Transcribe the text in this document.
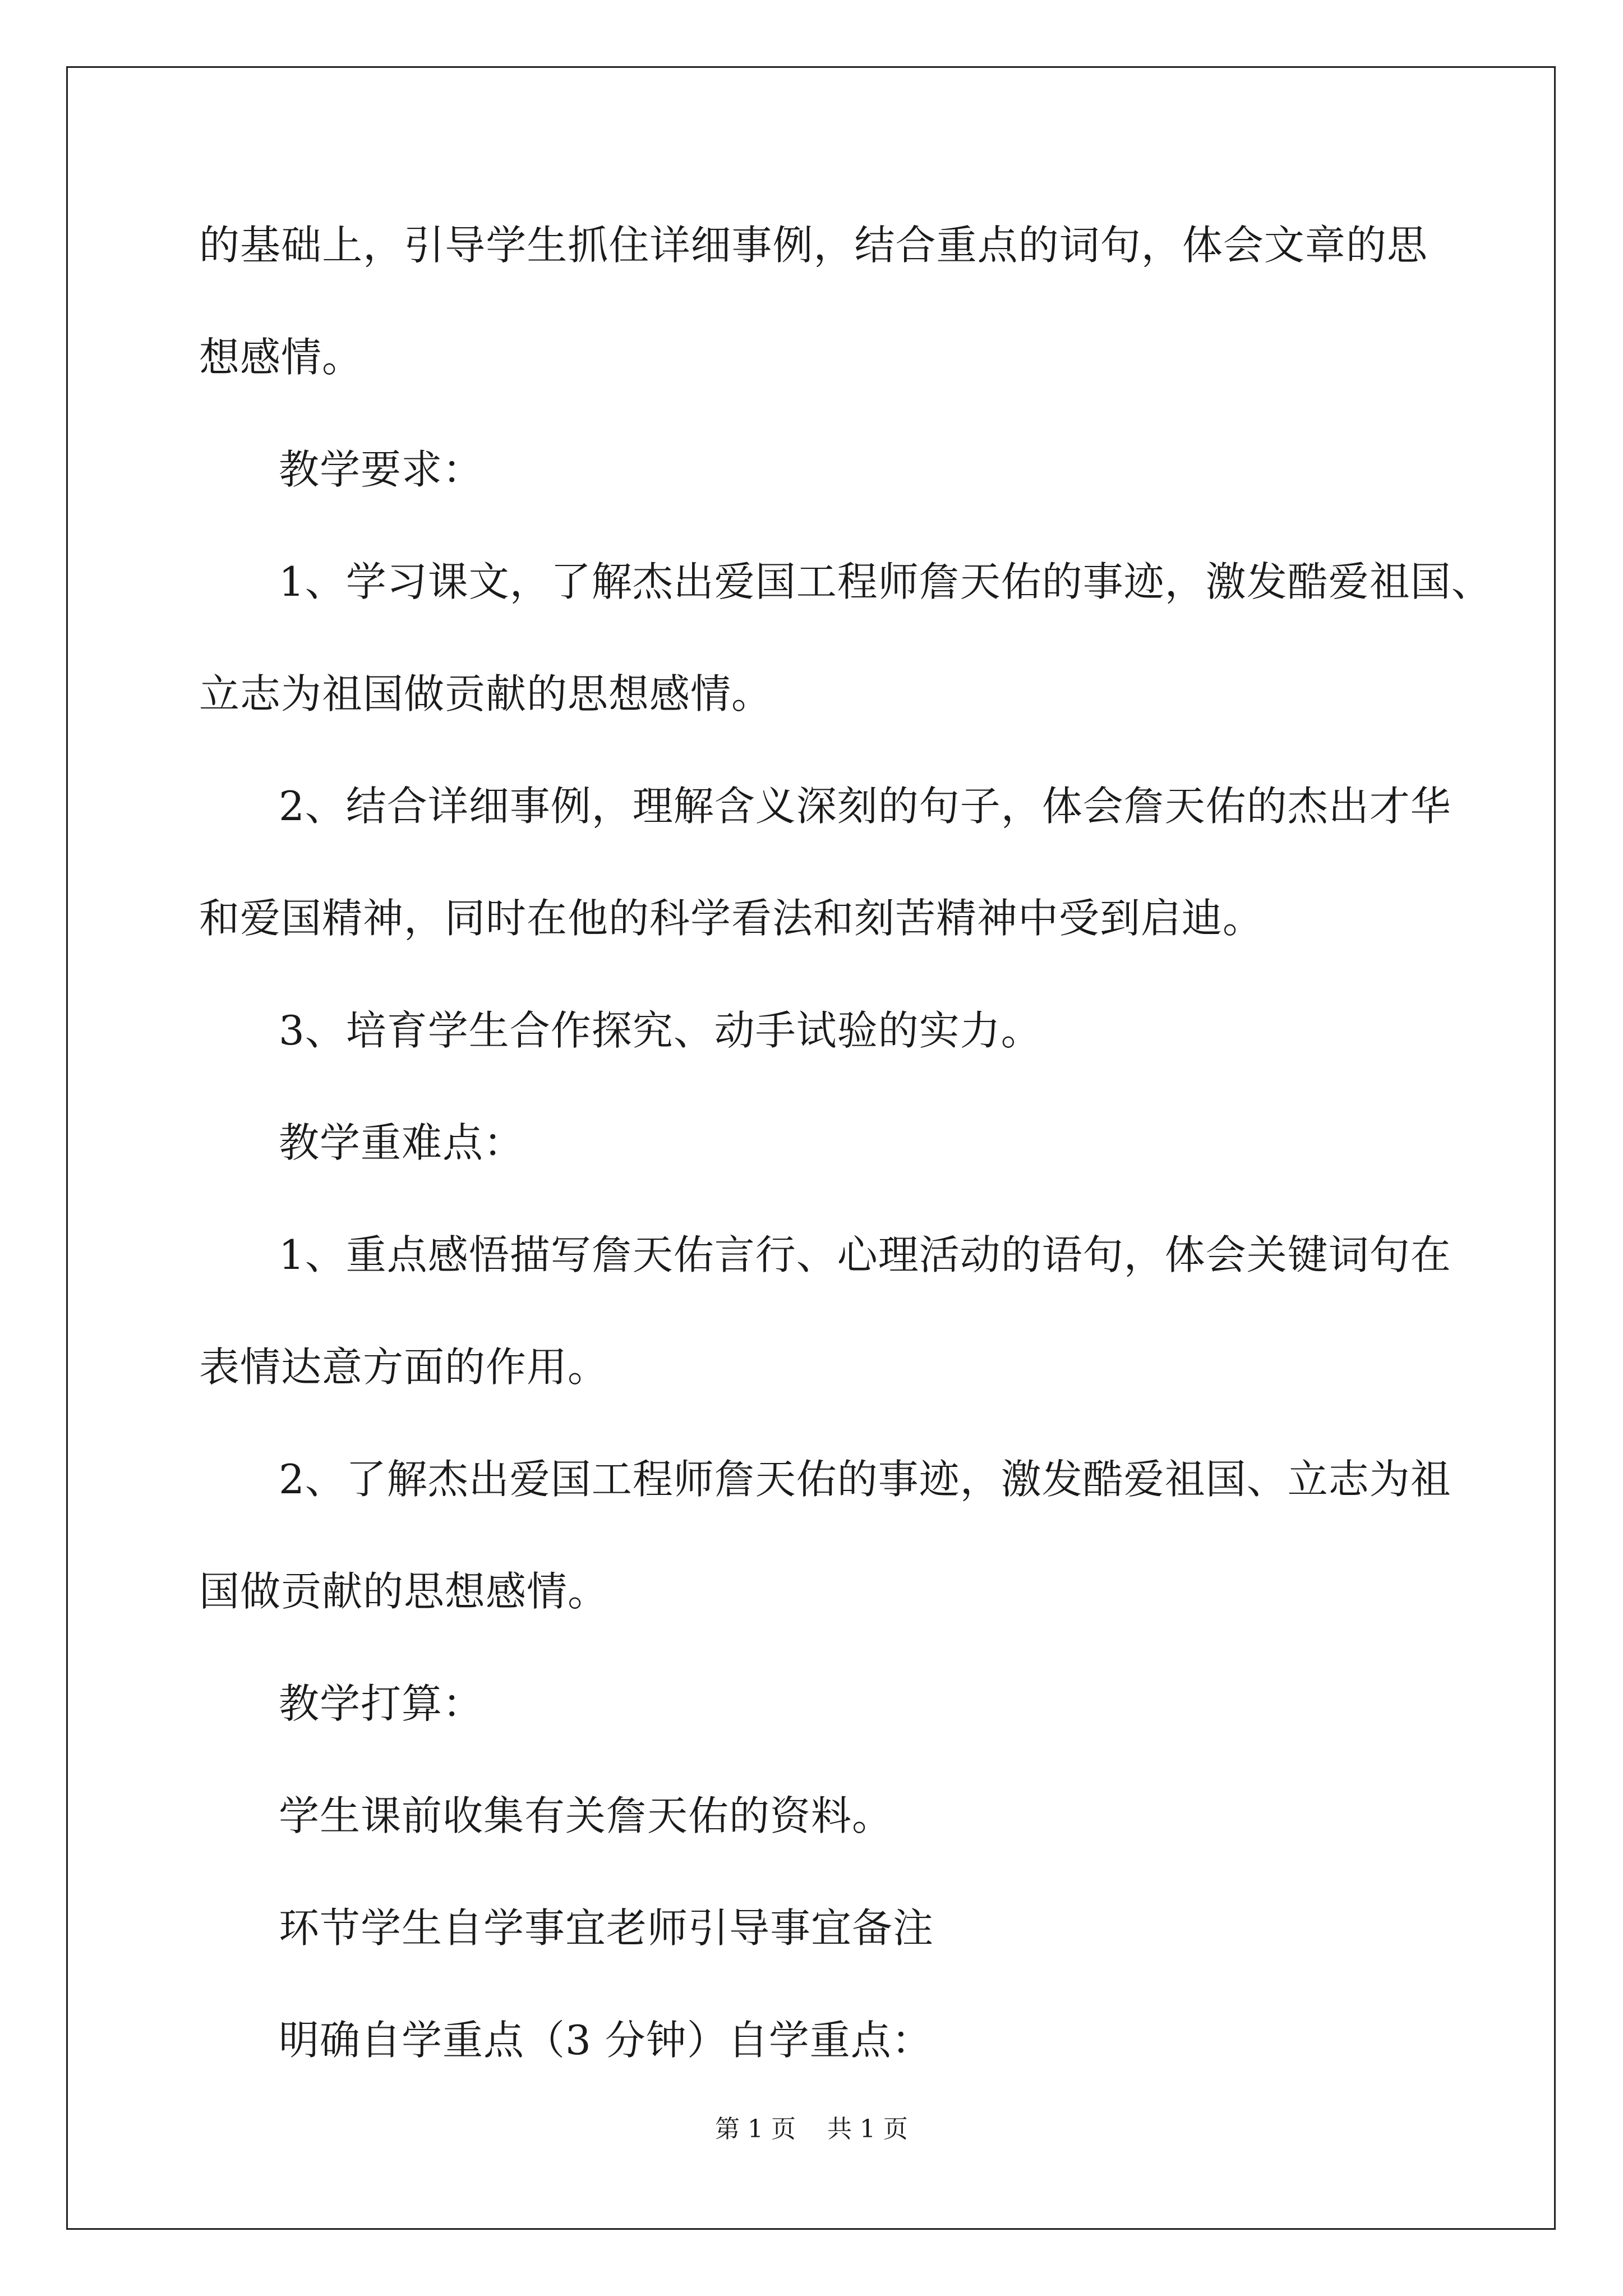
的基础上，引导学生抓住详细事例，结合重点的词句，体会文章的思

想感情。

教学要求：

1、学习课文，了解杰出爱国工程师詹天佑的事迹，激发酷爱祖国、

立志为祖国做贡献的思想感情。

2、结合详细事例，理解含义深刻的句子，体会詹天佑的杰出才华

和爱国精神，同时在他的科学看法和刻苦精神中受到启迪。

3、培育学生合作探究、动手试验的实力。

教学重难点：

1、重点感悟描写詹天佑言行、心理活动的语句，体会关键词句在

表情达意方面的作用。

2、了解杰出爱国工程师詹天佑的事迹，激发酷爱祖国、立志为祖

国做贡献的思想感情。

教学打算：

学生课前收集有关詹天佑的资料。

环节学生自学事宜老师引导事宜备注

明确自学重点（3 分钟）自学重点：

第 1 页    共 1 页
